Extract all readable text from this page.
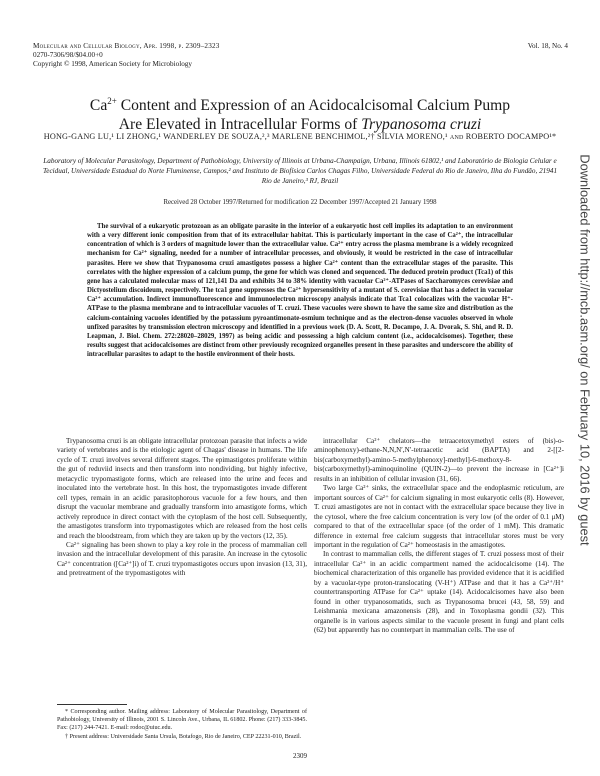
Molecular and Cellular Biology, Apr. 1998, p. 2309–2323
0270-7306/98/$04.00+0
Copyright © 1998, American Society for Microbiology
Vol. 18, No. 4
$Ca^{2+}$ Content and Expression of an Acidocalcisomal Calcium Pump
Are Elevated in Intracellular Forms of Trypanosoma cruzi
HONG-GANG LU,¹ LI ZHONG,¹ WANDERLEY DE SOUZA,²,³ MARLENE BENCHIMOL,²† SILVIA MORENO,¹ and ROBERTO DOCAMPO¹*
Laboratory of Molecular Parasitology, Department of Pathobiology, University of Illinois at Urbana-Champaign, Urbana, Illinois 61802,¹ and Laboratório de Biologia Celular e Tecidual, Universidade Estadual do Norte Fluminense, Campos,² and Instituto de Biofísica Carlos Chagas Filho, Universidade Federal do Rio de Janeiro, Ilha do Fundão, 21941 Rio de Janeiro,³ RJ, Brazil
Received 28 October 1997/Returned for modification 22 December 1997/Accepted 21 January 1998

The survival of a eukaryotic protozoan as an obligate parasite in the interior of a eukaryotic host cell implies its adaptation to an environment with a very different ionic composition from that of its extracellular habitat. This is particularly important in the case of Ca²⁺, the intracellular concentration of which is 3 orders of magnitude lower than the extracellular value. Ca²⁺ entry across the plasma membrane is a widely recognized mechanism for Ca²⁺ signaling, needed for a number of intracellular processes, and obviously, it would be restricted in the case of intracellular parasites. Here we show that Trypanosoma cruzi amastigotes possess a higher Ca²⁺ content than the extracellular stages of the parasite. This correlates with the higher expression of a calcium pump, the gene for which was cloned and sequenced. The deduced protein product (Tca1) of this gene has a calculated molecular mass of 121,141 Da and exhibits 34 to 38% identity with vacuolar Ca²⁺-ATPases of Saccharomyces cerevisiae and Dictyostelium discoideum, respectively. The tca1 gene suppresses the Ca²⁺ hypersensitivity of a mutant of S. cerevisiae that has a defect in vacuolar Ca²⁺ accumulation. Indirect immunofluorescence and immunoelectron microscopy analysis indicate that Tca1 colocalizes with the vacuolar H⁺-ATPase to the plasma membrane and to intracellular vacuoles of T. cruzi. These vacuoles were shown to have the same size and distribution as the calcium-containing vacuoles identified by the potassium pyroantimonate-osmium technique and as the electron-dense vacuoles observed in whole unfixed parasites by transmission electron microscopy and identified in a previous work (D. A. Scott, R. Docampo, J. A. Dvorak, S. Shi, and R. D. Leapman, J. Biol. Chem. 272:28020–28029, 1997) as being acidic and possessing a high calcium content (i.e., acidocalcisomes). Together, these results suggest that acidocalcisomes are distinct from other previously recognized organelles present in these parasites and underscore the ability of intracellular parasites to adapt to the hostile environment of their hosts.

Trypanosoma cruzi is an obligate intracellular protozoan parasite that infects a wide variety of vertebrates and is the etiologic agent of Chagas' disease in humans. The life cycle of T. cruzi involves several different stages. The epimastigotes proliferate within the gut of reduviid insects and then transform into nondividing, but highly infective, metacyclic trypomastigote forms, which are released into the urine and feces and inoculated into the vertebrate host. In this host, the trypomastigotes invade different cell types, remain in an acidic parasitophorous vacuole for a few hours, and then disrupt the vacuolar membrane and gradually transform into amastigote forms, which actively reproduce in direct contact with the cytoplasm of the host cell. Subsequently, the amastigotes transform into trypomastigotes which are released from the host cells and reach the bloodstream, from which they are taken up by the vectors (12, 35).

Ca²⁺ signaling has been shown to play a key role in the process of mammalian cell invasion and the intracellular development of this parasite. An increase in the cytosolic Ca²⁺ concentration ([Ca²⁺]i) of T. cruzi trypomastigotes occurs upon invasion (13, 31), and pretreatment of the trypomastigotes with

intracellular Ca²⁺ chelators—the tetraacetoxymethyl esters of (bis)-o-aminophenoxy)-ethane-N,N,N′,N′-tetraacetic acid (BAPTA) and 2-[[2-bis(carboxymethyl)-amino-5-methylphenoxy]-methyl]-6-methoxy-8-bis(carboxymethyl)-aminoquinoline (QUIN-2)—to prevent the increase in [Ca²⁺]i results in an inhibition of cellular invasion (31, 66).

Two large Ca²⁺ sinks, the extracellular space and the endoplasmic reticulum, are important sources of Ca²⁺ for calcium signaling in most eukaryotic cells (8). However, T. cruzi amastigotes are not in contact with the extracellular space because they live in the cytosol, where the free calcium concentration is very low (of the order of 0.1 μM) compared to that of the extracellular space (of the order of 1 mM). This dramatic difference in external free calcium suggests that intracellular stores must be very important in the regulation of Ca²⁺ homeostasis in the amastigotes.

In contrast to mammalian cells, the different stages of T. cruzi possess most of their intracellular Ca²⁺ in an acidic compartment named the acidocalcisome (14). The biochemical characterization of this organelle has provided evidence that it is acidified by a vacuolar-type proton-translocating (V-H⁺) ATPase and that it has a Ca²⁺/H⁺ countertransporting ATPase for Ca²⁺ uptake (14). Acidocalcisomes have also been found in other trypanosomatids, such as Trypanosoma brucei (43, 58, 59) and Leishmania mexicana amazonensis (28), and in Toxoplasma gondii (32). This organelle is in various aspects similar to the vacuole present in fungi and plant cells (62) but apparently has no counterpart in mammalian cells. The use of

* Corresponding author. Mailing address: Laboratory of Molecular Parasitology, Department of Pathobiology, University of Illinois, 2001 S. Lincoln Ave., Urbana, IL 61802. Phone: (217) 333-3845. Fax: (217) 244-7421. E-mail: rodoc@uiuc.edu.

† Present address: Universidade Santa Ursula, Botafogo, Rio de Janeiro, CEP 22231-010, Brazil.

2309
Downloaded from http://mcb.asm.org/ on February 10, 2016 by guest
